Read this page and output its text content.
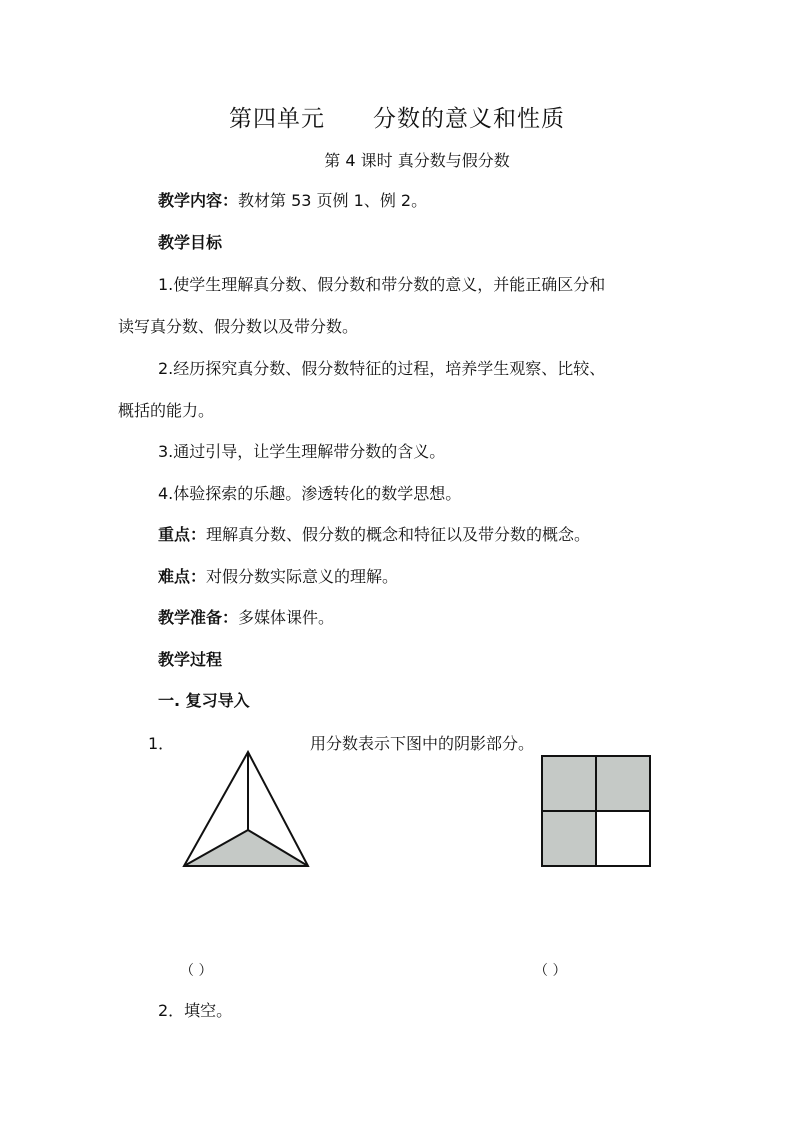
第四单元 分数的意义和性质
第 4 课时 真分数与假分数
教学内容：教材第 53 页例 1、例 2。
教学目标
1.使学生理解真分数、假分数和带分数的意义，并能正确区分和
读写真分数、假分数以及带分数。
2.经历探究真分数、假分数特征的过程，培养学生观察、比较、
概括的能力。
3.通过引导，让学生理解带分数的含义。
4.体验探索的乐趣。渗透转化的数学思想。
重点：理解真分数、假分数的概念和特征以及带分数的概念。
难点：对假分数实际意义的理解。
教学准备：多媒体课件。
教学过程
一. 复习导入
1．	用分数表示下图中的阴影部分。
（ ）	（ ）
2．填空。
